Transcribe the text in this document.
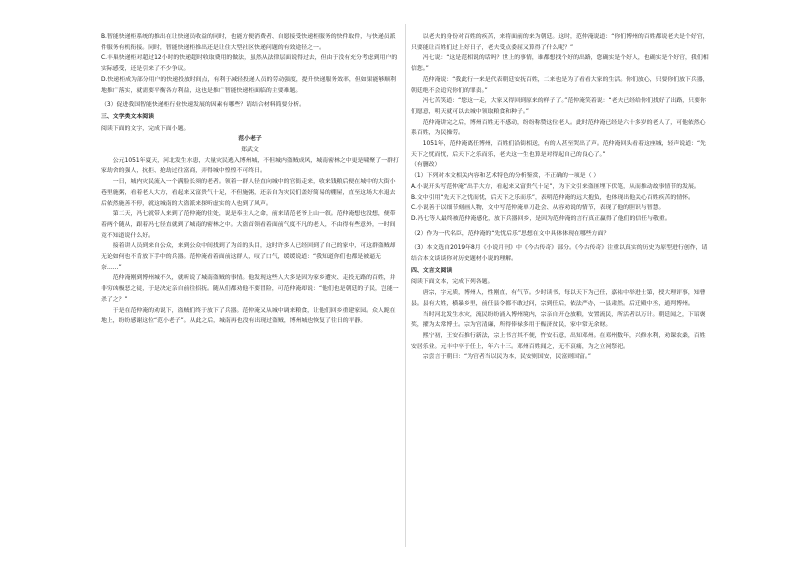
B.智能快递柜系统的推出在让快递员收益的同时，也能方便消费者、自愿接受快递柜服务的快件取件，与快递员派件服务有机衔接。同时，智能快递柜推出还是让住大型社区快递问题的有效途径之一。

C.丰巢快递柜对超过12小时的快递超时收取费用的做法，虽然从法律层面说得过去，但由于没有充分考虑到用户的实际感受，还是引来了不少争议。

D.快递柜成为部分用户的快递投放时间点，有利于减轻投递人员的劳动强度，提升快递服务效率，但如果能够顺利地推广落实，就需要平衡各方利益，这也是推广智能快递柜面临的主要难题。

（3）促进我国智能快递柜行业快速发展的因素有哪些？请结合材料简要分析。

三、文学类文本阅读

阅读下面的文字，完成下面小题。

范小老子

郑武文

公元1051年夏天，河北发生水患，大量灾民逃入博州城，不但城内盗贼成风，城南密林之中更是啸聚了一群打家劫舍的强人，抗拒、抢劫过往富商，弄得城中惶惶不可终日。

一日，城内灾民流入一个满脸长须的老者。领着一群人径直向城中的官衙走来，收来钱粮后便在城中的大街小巷里施粥，看着老人大方，看起来又富贵气十足，不但施粥，还亲自为灾民们盖好简易的棚屋，直至这场大水退去后依然施善不停，就这城南的大盗派来探听虚实的人也到了风声。

第二天，冯七就带人来到了范仲淹的住处，说是奉主人之命，前来请范老爷上山一叙。范仲淹想也没想，便带着两个随从，跟着冯七径直就到了城南的密林之中。大盗首领看着面前气度不凡的老人，不由得有些意外，一时间竟不知道说什么好。

接着讲人员到来自公众，来到公众中间找到了为首的头目，这时许多人已经回到了自己的家中，可这群盗贼却无论如何也不肯放下手中的兵器。范仲淹看着面前这群人，叹了口气，缓缓说道：“我知道你们也都是被逼无奈……”

范仲淹刚到博州城不久，就听说了城南盗贼的事情。他发现这些人大多是因为家乡遭灾、走投无路的百姓，并非穷凶极恶之徒，于是决定亲自前往招抚。随从们都劝他不要冒险，可范仲淹却说：“他们也是朝廷的子民，岂能一杀了之？”

于是在范仲淹的劝说下，盗贼们终于放下了兵器。范仲淹又从城中调来粮食，让他们回乡重建家园。众人跪在地上，纷纷感谢这位“范小老子”。从此之后，城南再也没有出现过盗贼，博州城也恢复了往日的平静。

以老夫的身份对百姓的疾苦，来将面前的来为朝廷。这时，范仲淹说道：“你们博州的百姓都说老夫是个好官，只要能让百姓们过上好日子，老夫受点委屈又算得了什么呢？”

冯七说：“这是范相说的话吗？世上的事情，谁都想找个好的出路，您确实是个好人，也确实是个好官，我们相信您。”

范仲淹说：“我此行一来是代表朝廷安抚百姓，二来也是为了看看大家的生活。你们放心，只要你们放下兵器，朝廷绝不会追究你们的罪责。”

冯七苦笑道：“您这一走，大家又得回到原来的样子了。”范仲淹笑着说：“老夫已经给你们找好了出路，只要你们愿意，明天就可以去城中领取粮食和种子。”

范仲淹讲完之后，博州百姓无不感动，纷纷称赞这位老人。此时范仲淹已经是六十多岁的老人了，可他依然心系百姓，为民操劳。

1051年，范仲淹离任博州，百姓们沿街相送，有的人甚至哭出了声。范仲淹回头看着这座城，轻声说道：“先天下之忧而忧，后天下之乐而乐，老夫这一生也算是对得起自己的良心了。”

（有删改）

（1）下列对本文相关内容和艺术特色的分析鉴赏，不正确的一项是（ ）

A.小说开头写范仲淹“出手大方，看起来又富贵气十足”，为下文引来盗匪埋下伏笔，从而推动故事情节的发展。

B.文中引用“先天下之忧而忧，后天下之乐而乐”，表明范仲淹的远大抱负，也体现出他关心百姓疾苦的情怀。

C.小说善于以细节刻画人物，文中写范仲淹单刀赴会、从容劝说的情节，表现了他的胆识与智慧。

D.冯七等人最终被范仲淹感化，放下兵器回乡，是因为范仲淹的言行真正赢得了他们的信任与敬重。

（2）作为一代名臣，范仲淹的“先忧后乐”思想在文中具体体现在哪些方面？

（3）本文选自2019年8月《小说月刊》中《今古传奇》部分。《今古传奇》注重以真实的历史为原型进行创作，请结合本文谈谈你对历史题材小说的理解。

四、文言文阅读

阅读下面文本，完成下列各题。

唐宗，字元质，博州人，性刚直，有气节。少时读书，每以天下为己任，嘉祐中举进士第，授大理评事，知曹县。县有大姓，横暴乡里，前任县令都不敢过问，宗到任后，依法严办，一县肃然。后迁殿中丞，通判博州。

当时河北发生水灾，流民纷纷涌入博州境内，宗亲自开仓放粮，安置流民，所活者以万计。朝廷闻之，下诏褒奖，擢为太常博士。宗为官清廉，所得俸禄多用于赈济贫民，家中常无余财。

熙宁初，王安石推行新法，宗上书言其不便，忤安石意，出知邓州。在邓州数年，兴修水利，劝课农桑，百姓安居乐业。元丰中卒于任上，年六十三。邓州百姓闻之，无不哀痛，为之立祠祭祀。

宗尝言于朝曰：“为官者当以民为本，民安则国安，民富则国富。”
